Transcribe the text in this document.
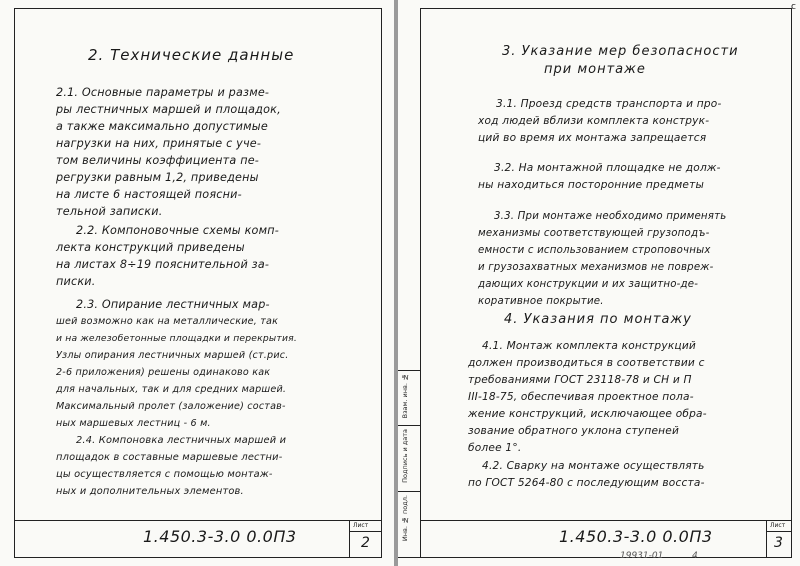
2. Технические данные
2.1. Основные параметры и разме-
ры лестничных маршей и площадок,
а также максимально допустимые
нагрузки на них, принятые с уче-
том величины коэффициента пе-
регрузки равным 1,2, приведены
на листе 6 настоящей поясни-
тельной записки.
2.2. Компоновочные схемы комп-
лекта конструкций приведены
на листах 8÷19 пояснительной за-
писки.
2.3. Опирание лестничных мар-
шей возможно как на металлические, так
и на железобетонные площадки и перекрытия.
Узлы опирания лестничных маршей (ст.рис.
2-6 приложения) решены одинаково как
для начальных, так и для средних маршей.
Максимальный пролет (заложение) состав-
ных маршевых лестниц - 6 м.
2.4. Компоновка лестничных маршей и
площадок в составные маршевые лестни-
цы осуществляется с помощью монтаж-
ных и дополнительных элементов.
1.450.3-3.0 0.0П3
Лист
2
с
3. Указание мер безопасности
при монтаже
3.1. Проезд средств транспорта и про-
ход людей вблизи комплекта конструк-
ций во время их монтажа запрещается
3.2. На монтажной площадке не долж-
ны находиться посторонние предметы
3.3. При монтаже необходимо применять
механизмы соответствующей грузоподъ-
емности с использованием строповочных
и грузозахватных механизмов не повреж-
дающих конструкции и их защитно-де-
коративное покрытие.
4. Указания по монтажу
4.1. Монтаж комплекта конструкций
должен производиться в соответствии с
требованиями ГОСТ 23118-78 и СН и П
III-18-75, обеспечивая проектное пола-
жение конструкций, исключающее обра-
зование обратного уклона ступеней
более 1°.
4.2. Сварку на монтаже осуществлять
по ГОСТ 5264-80 с последующим восста-
Инв. № подл.
Подпись и дата
Взам. инв. №
1.450.3-3.0 0.0П3
Лист
3
19931-01          4
